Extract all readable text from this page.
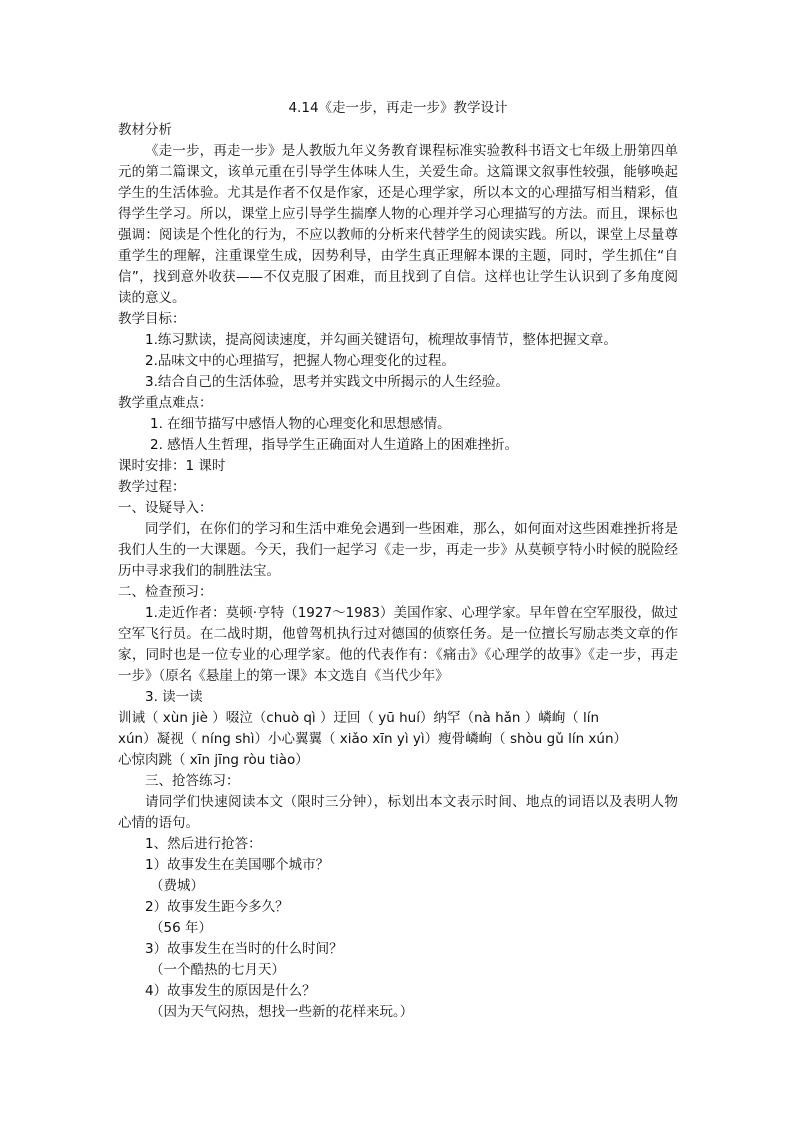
4.14《走一步，再走一步》教学设计
教材分析

《走一步，再走一步》是人教版九年义务教育课程标准实验教科书语文七年级上册第四单元的第二篇课文，该单元重在引导学生体味人生，关爱生命。这篇课文叙事性较强，能够唤起学生的生活体验。尤其是作者不仅是作家，还是心理学家，所以本文的心理描写相当精彩，值得学生学习。所以，课堂上应引导学生揣摩人物的心理并学习心理描写的方法。而且，课标也强调：阅读是个性化的行为，不应以教师的分析来代替学生的阅读实践。所以，课堂上尽量尊重学生的理解，注重课堂生成，因势利导，由学生真正理解本课的主题，同时，学生抓住“自信”，找到意外收获——不仅克服了困难，而且找到了自信。这样也让学生认识到了多角度阅读的意义。

教学目标：
1.练习默读，提高阅读速度，并勾画关键语句，梳理故事情节，整体把握文章。
2.品味文中的心理描写，把握人物心理变化的过程。
3.结合自己的生活体验，思考并实践文中所揭示的人生经验。
教学重点难点：
1. 在细节描写中感悟人物的心理变化和思想感情。
2. 感悟人生哲理，指导学生正确面对人生道路上的困难挫折。
课时安排：1 课时
教学过程：
一、设疑导入：

同学们，在你们的学习和生活中难免会遇到一些困难，那么，如何面对这些困难挫折将是我们人生的一大课题。今天，我们一起学习《走一步，再走一步》从莫顿亨特小时候的脱险经历中寻求我们的制胜法宝。

二、检查预习：

1.走近作者：莫顿·亨特（1927～1983）美国作家、心理学家。早年曾在空军服役，做过空军飞行员。在二战时期，他曾驾机执行过对德国的侦察任务。是一位擅长写励志类文章的作家，同时也是一位专业的心理学家。他的代表作有：《痛击》《心理学的故事》《走一步，再走一步》（原名《悬崖上的第一课》本文选自《当代少年》

3. 读一读
训诫（ xùn jiè ）啜泣（chuò qì ）迂回（ yū huí）纳罕（nà hǎn ）嶙峋（ lín
xún）凝视（ níng shì）小心翼翼（ xiǎo xīn yì yì）瘦骨嶙峋（ shòu gǔ lín xún）
心惊肉跳（ xīn jīng ròu tiào）
三、抢答练习：

请同学们快速阅读本文（限时三分钟），标划出本文表示时间、地点的词语以及表明人物心情的语句。

1、然后进行抢答：
1）故事发生在美国哪个城市？
（费城）
2）故事发生距今多久？
（56 年）
3）故事发生在当时的什么时间？
（一个酷热的七月天）
4）故事发生的原因是什么？
（因为天气闷热，想找一些新的花样来玩。）
